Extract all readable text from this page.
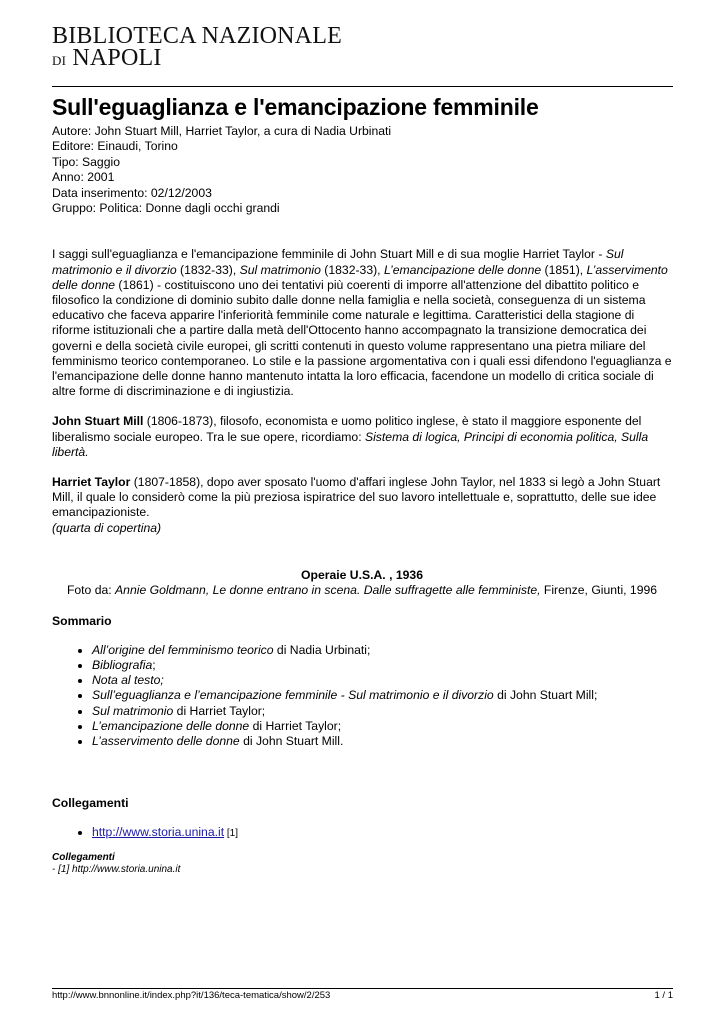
BIBLIOTECA NAZIONALE
DI NAPOLI
Sull'eguaglianza e l'emancipazione femminile
Autore: John Stuart Mill, Harriet Taylor, a cura di Nadia Urbinati
Editore: Einaudi, Torino
Tipo: Saggio
Anno: 2001
Data inserimento: 02/12/2003
Gruppo: Politica: Donne dagli occhi grandi

I saggi sull'eguaglianza e l'emancipazione femminile di John Stuart Mill e di sua moglie Harriet Taylor - Sul matrimonio e il divorzio (1832-33), Sul matrimonio (1832-33), L’emancipazione delle donne (1851), L’asservimento delle donne (1861) - costituiscono uno dei tentativi più coerenti di imporre all'attenzione del dibattito politico e filosofico la condizione di dominio subito dalle donne nella famiglia e nella società, conseguenza di un sistema educativo che faceva apparire l'inferiorità femminile come naturale e legittima. Caratteristici della stagione di riforme istituzionali che a partire dalla metà dell'Ottocento hanno accompagnato la transizione democratica dei governi e della società civile europei, gli scritti contenuti in questo volume rappresentano una pietra miliare del femminismo teorico contemporaneo. Lo stile e la passione argomentativa con i quali essi difendono l'eguaglianza e l'emancipazione delle donne hanno mantenuto intatta la loro efficacia, facendone un modello di critica sociale di altre forme di discriminazione e di ingiustizia.

John Stuart Mill (1806-1873), filosofo, economista e uomo politico inglese, è stato il maggiore esponente del liberalismo sociale europeo. Tra le sue opere, ricordiamo: Sistema di logica, Principi di economia politica, Sulla libertà.

Harriet Taylor (1807-1858), dopo aver sposato l'uomo d'affari inglese John Taylor, nel 1833 si legò a John Stuart Mill, il quale lo considerò come la più preziosa ispiratrice del suo lavoro intellettuale e, soprattutto, delle sue idee emancipazioniste.
(quarta di copertina)

Operaie U.S.A. , 1936
Foto da: Annie Goldmann, Le donne entrano in scena. Dalle suffragette alle femministe, Firenze, Giunti, 1996
Sommario
• All’origine del femminismo teorico di Nadia Urbinati;
• Bibliografia;
• Nota al testo;
• Sull’eguaglianza e l’emancipazione femminile - Sul matrimonio e il divorzio di John Stuart Mill;
• Sul matrimonio di Harriet Taylor;
• L’emancipazione delle donne di Harriet Taylor;
• L’asservimento delle donne di John Stuart Mill.
Collegamenti
• http://www.storia.unina.it [1]
Collegamenti
- [1] http://www.storia.unina.it
http://www.bnnonline.it/index.php?it/136/teca-tematica/show/2/253	1 / 1
